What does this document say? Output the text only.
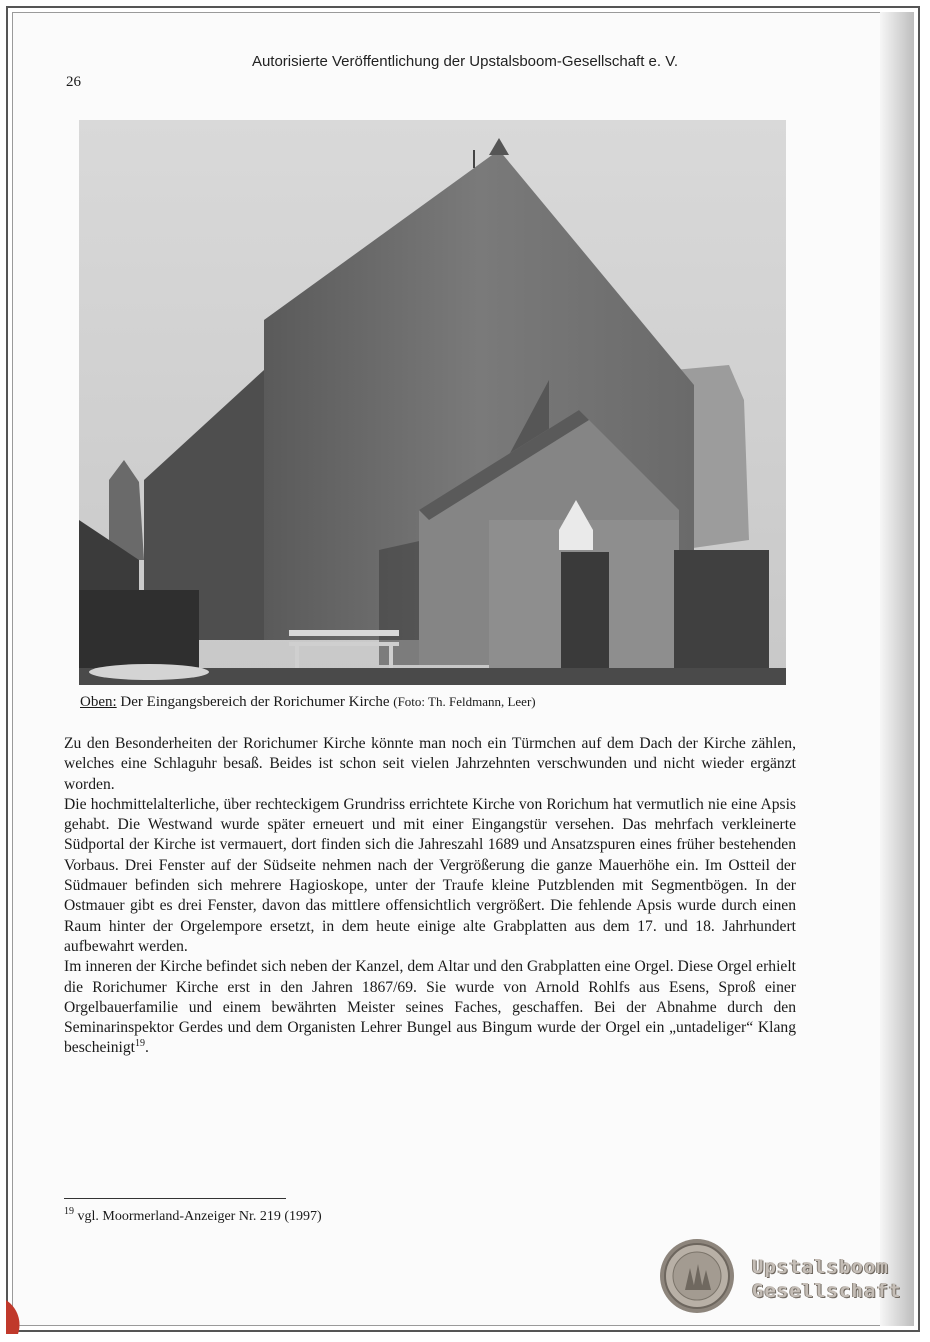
Autorisierte Veröffentlichung der Upstalsboom-Gesellschaft e. V.
26
Oben: Der Eingangsbereich der Rorichumer Kirche (Foto: Th. Feldmann, Leer)

Zu den Besonderheiten der Rorichumer Kirche könnte man noch ein Türmchen auf dem Dach der Kirche zählen, welches eine Schlaguhr besaß. Beides ist schon seit vielen Jahrzehnten verschwunden und nicht wieder ergänzt worden.

Die hochmittelalterliche, über rechteckigem Grundriss errichtete Kirche von Rorichum hat vermutlich nie eine Apsis gehabt. Die Westwand wurde später erneuert und mit einer Eingangstür versehen. Das mehrfach verkleinerte Südportal der Kirche ist vermauert, dort finden sich die Jahreszahl 1689 und Ansatzspuren eines früher bestehenden Vorbaus. Drei Fenster auf der Südseite nehmen nach der Vergrößerung die ganze Mauerhöhe ein. Im Ostteil der Südmauer befinden sich mehrere Hagioskope, unter der Traufe kleine Putzblenden mit Segmentbögen. In der Ostmauer gibt es drei Fenster, davon das mittlere offensichtlich vergrößert. Die fehlende Apsis wurde durch einen Raum hinter der Orgelempore ersetzt, in dem heute einige alte Grabplatten aus dem 17. und 18. Jahrhundert aufbewahrt werden.

Im inneren der Kirche befindet sich neben der Kanzel, dem Altar und den Grabplatten eine Orgel. Diese Orgel erhielt die Rorichumer Kirche erst in den Jahren 1867/69. Sie wurde von Arnold Rohlfs aus Esens, Sproß einer Orgelbauerfamilie und einem bewährten Meister seines Faches, geschaffen. Bei der Abnahme durch den Seminarinspektor Gerdes und dem Organisten Lehrer Bungel aus Bingum wurde der Orgel ein „untadeliger“ Klang bescheinigt$^{19}$.

$^{19}$ vgl. Moormerland-Anzeiger Nr. 219 (1997)
Upstalsboom
Gesellschaft
